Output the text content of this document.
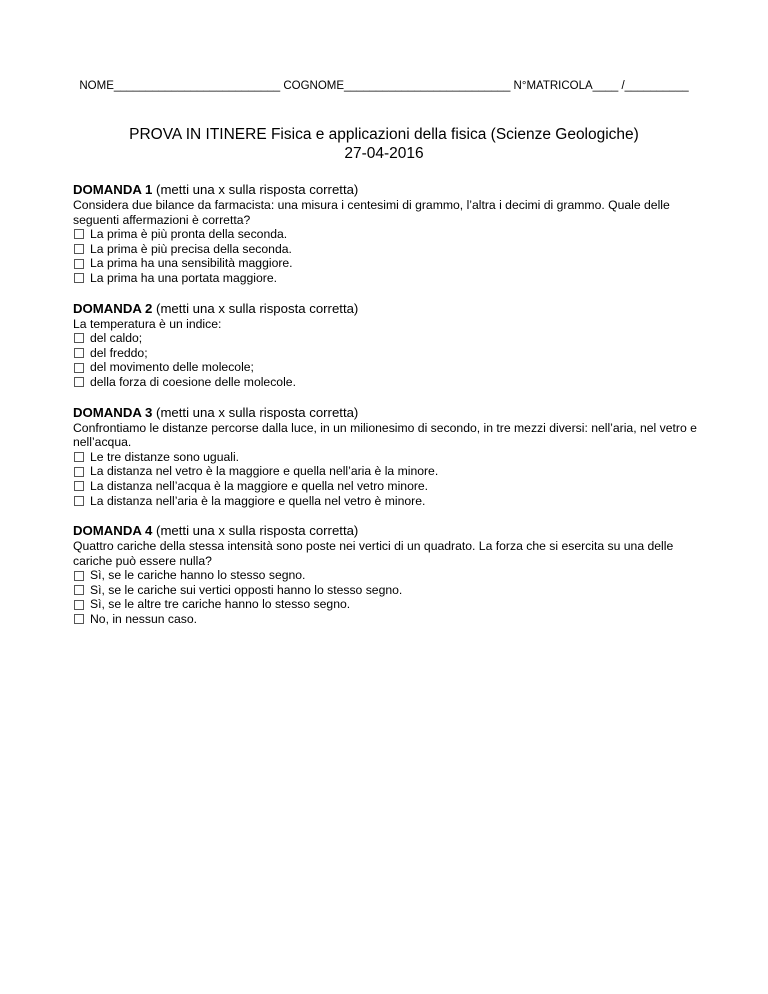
NOME__________________________ COGNOME__________________________ N°MATRICOLA____ /__________
PROVA IN ITINERE Fisica e applicazioni della fisica (Scienze Geologiche)
27-04-2016
DOMANDA 1 (metti una x sulla risposta corretta)
Considera due bilance da farmacista: una misura i centesimi di grammo, l’altra i decimi di grammo. Quale delle seguenti affermazioni è corretta?
La prima è più pronta della seconda.
La prima è più precisa della seconda.
La prima ha una sensibilità maggiore.
La prima ha una portata maggiore.
DOMANDA 2 (metti una x sulla risposta corretta)
La temperatura è un indice:
del caldo;
del freddo;
del movimento delle molecole;
della forza di coesione delle molecole.
DOMANDA 3 (metti una x sulla risposta corretta)
Confrontiamo le distanze percorse dalla luce, in un milionesimo di secondo, in tre mezzi diversi: nell’aria, nel vetro e nell’acqua.
Le tre distanze sono uguali.
La distanza nel vetro è la maggiore e quella nell’aria è la minore.
La distanza nell’acqua è la maggiore e quella nel vetro minore.
La distanza nell’aria è la maggiore e quella nel vetro è minore.
DOMANDA 4 (metti una x sulla risposta corretta)
Quattro cariche della stessa intensità sono poste nei vertici di un quadrato. La forza che si esercita su una delle cariche può essere nulla?
Sì, se le cariche hanno lo stesso segno.
Sì, se le cariche sui vertici opposti hanno lo stesso segno.
Sì, se le altre tre cariche hanno lo stesso segno.
No, in nessun caso.
